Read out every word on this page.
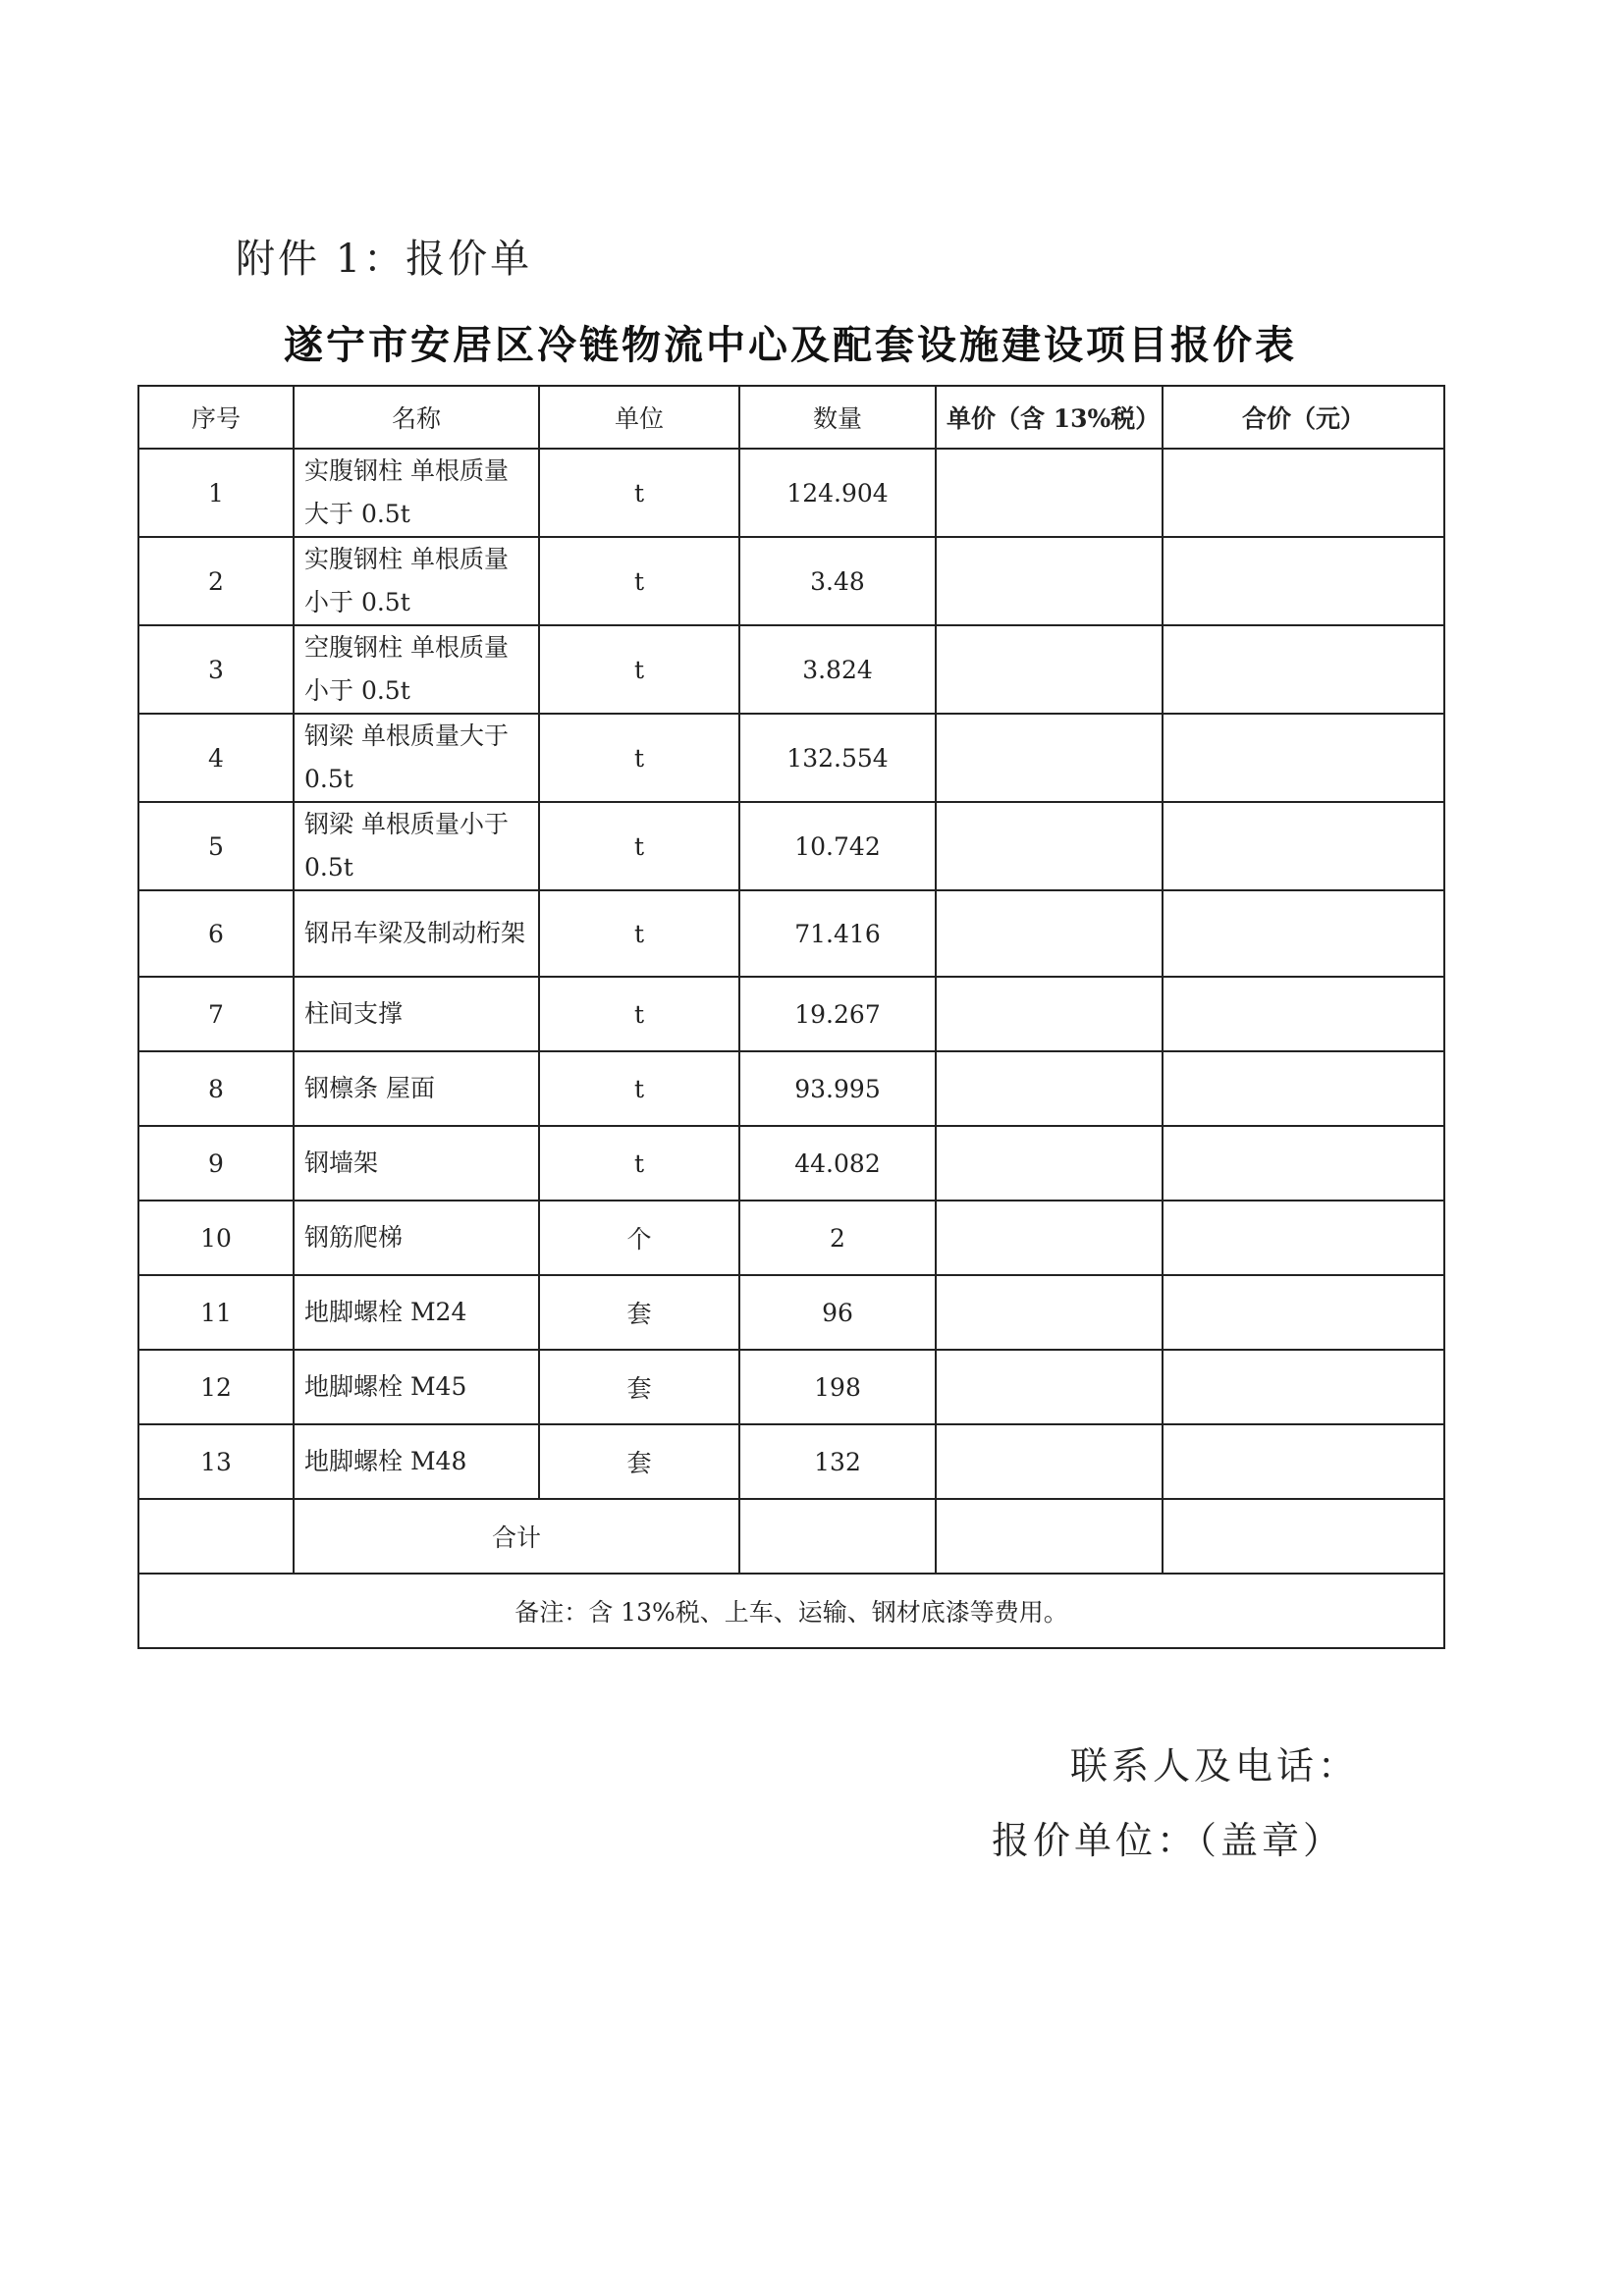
附件 1：报价单
遂宁市安居区冷链物流中心及配套设施建设项目报价表
序号	名称	单位	数量	单价（含 13%税）	合价（元）
1	实腹钢柱 单根质量大于 0.5t	t	124.904		
2	实腹钢柱 单根质量小于 0.5t	t	3.48		
3	空腹钢柱 单根质量小于 0.5t	t	3.824		
4	钢梁 单根质量大于 0.5t	t	132.554		
5	钢梁 单根质量小于 0.5t	t	10.742		
6	钢吊车梁及制动桁架	t	71.416		
7	柱间支撑	t	19.267		
8	钢檩条 屋面	t	93.995		
9	钢墙架	t	44.082		
10	钢筋爬梯	个	2		
11	地脚螺栓 M24	套	96		
12	地脚螺栓 M45	套	198		
13	地脚螺栓 M48	套	132		
	合计				
备注：含 13%税、上车、运输、钢材底漆等费用。					
联系人及电话：
报价单位：（盖章）
